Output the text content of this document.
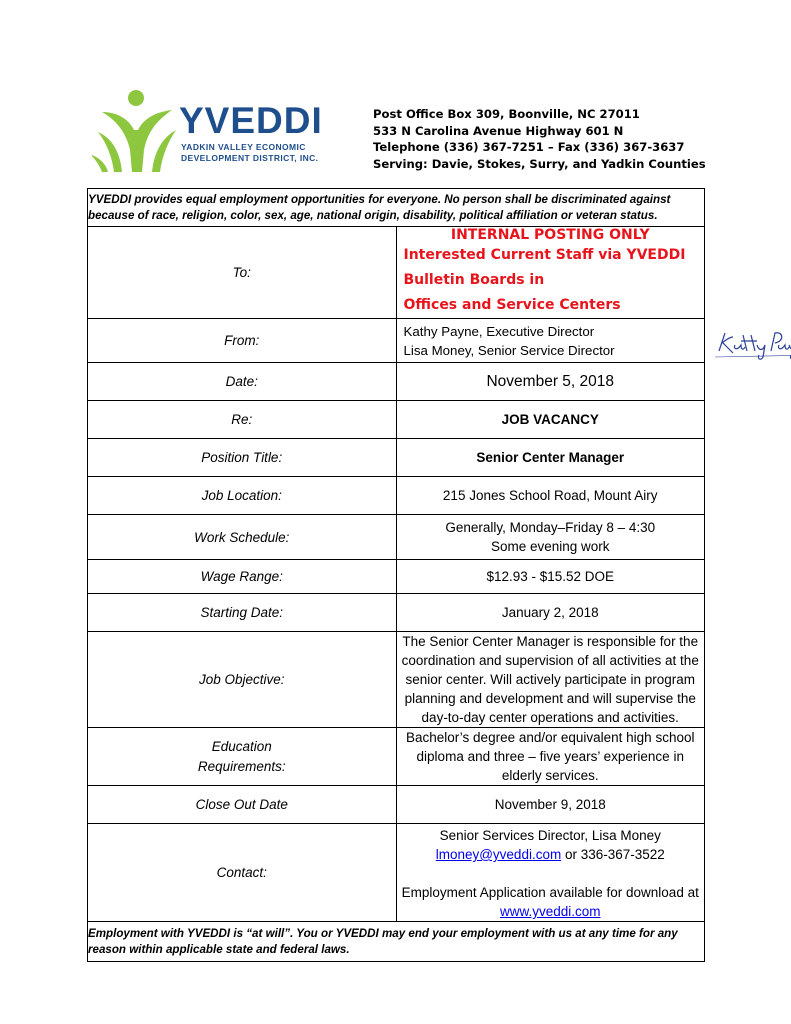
YVEDDI
YADKIN VALLEY ECONOMIC
DEVELOPMENT DISTRICT, INC.
Post Office Box 309, Boonville, NC 27011
533 N Carolina Avenue Highway 601 N
Telephone (336) 367-7251 – Fax (336) 367-3637
Serving: Davie, Stokes, Surry, and Yadkin Counties
YVEDDI provides equal employment opportunities for everyone. No person shall be discriminated against because of race, religion, color, sex, age, national origin, disability, political affiliation or veteran status.	
To:	INTERNAL POSTING ONLY
Interested Current Staff via YVEDDI Bulletin Boards in
Offices and Service Centers

From:	Kathy Payne, Executive Director
Lisa Money, Senior Service Director

Date:	November 5, 2018
Re:	JOB VACANCY
Position Title:	Senior Center Manager
Job Location:	215 Jones School Road, Mount Airy
Work Schedule:	Generally, Monday–Friday 8 – 4:30
Some evening work

Wage Range:	$12.93 - $15.52 DOE
Starting Date:	January 2, 2018
Job Objective:	The Senior Center Manager is responsible for the coordination and supervision of all activities at the senior center. Will actively participate in program planning and development and will supervise the day-to-day center operations and activities.

Education
Requirements:	Bachelor’s degree and/or equivalent high school diploma and three – five years’ experience in elderly services.
Close Out Date	November 9, 2018
Contact:	Senior Services Director, Lisa Money lmoney@yveddi.com or 336-367-3522
Employment Application available for download at www.yveddi.com

Employment with YVEDDI is “at will”. You or YVEDDI may end your employment with us at any time for any reason within applicable state and federal laws.	
